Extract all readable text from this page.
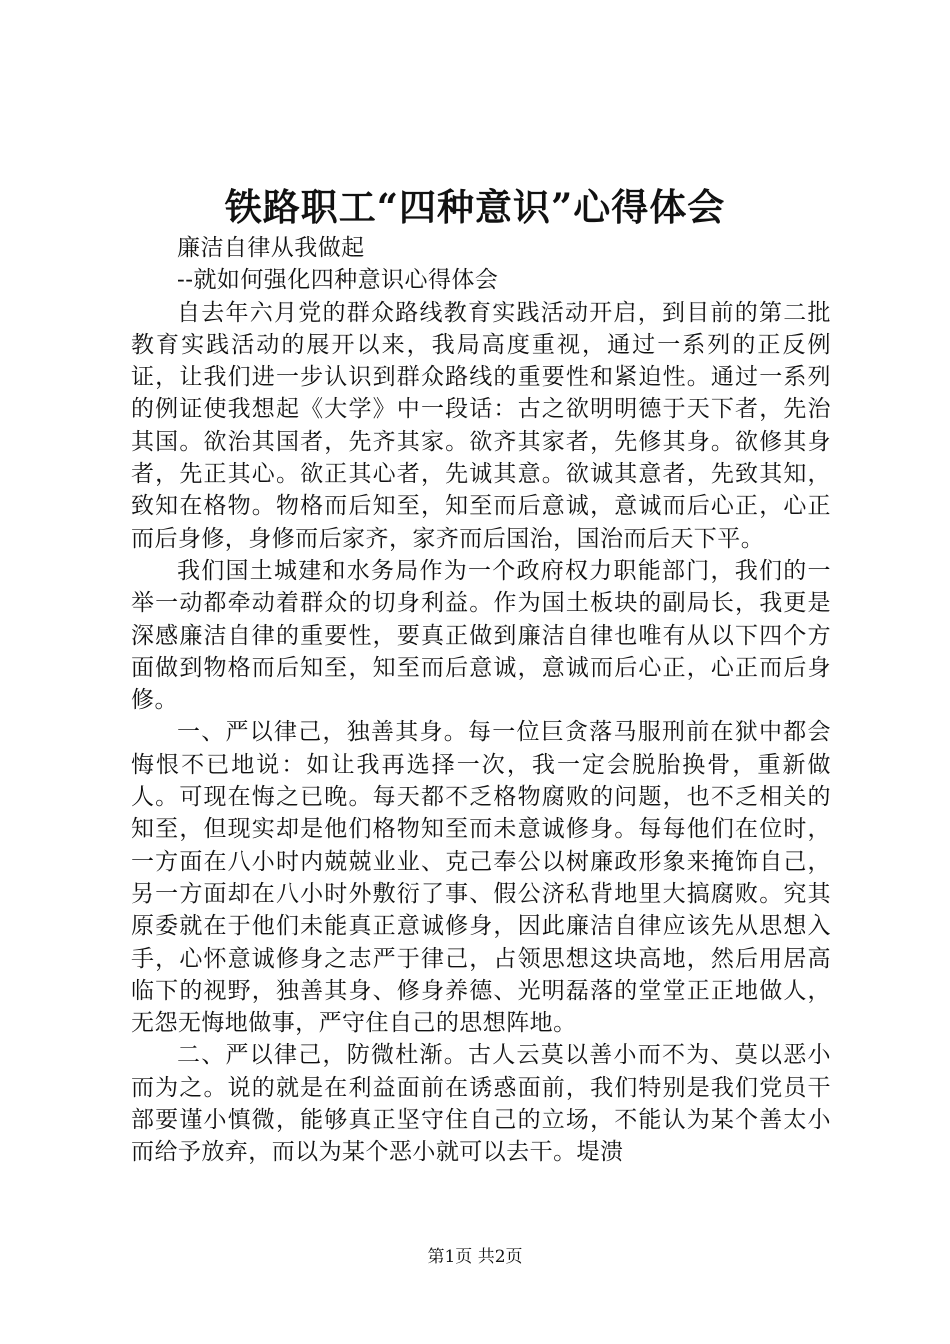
铁路职工“四种意识”心得体会

廉洁自律从我做起

--就如何强化四种意识心得体会

自去年六月党的群众路线教育实践活动开启，到目前的第二批教育实践活动的展开以来，我局高度重视，通过一系列的正反例证，让我们进一步认识到群众路线的重要性和紧迫性。通过一系列的例证使我想起《大学》中一段话：古之欲明明德于天下者，先治其国。欲治其国者，先齐其家。欲齐其家者，先修其身。欲修其身者，先正其心。欲正其心者，先诚其意。欲诚其意者，先致其知，致知在格物。物格而后知至，知至而后意诚，意诚而后心正，心正而后身修，身修而后家齐，家齐而后国治，国治而后天下平。

我们国土城建和水务局作为一个政府权力职能部门，我们的一举一动都牵动着群众的切身利益。作为国土板块的副局长，我更是深感廉洁自律的重要性，要真正做到廉洁自律也唯有从以下四个方面做到物格而后知至，知至而后意诚，意诚而后心正，心正而后身修。

一、严以律己，独善其身。每一位巨贪落马服刑前在狱中都会悔恨不已地说：如让我再选择一次，我一定会脱胎换骨，重新做人。可现在悔之已晚。每天都不乏格物腐败的问题，也不乏相关的知至，但现实却是他们格物知至而未意诚修身。每每他们在位时，一方面在八小时内兢兢业业、克己奉公以树廉政形象来掩饰自己，另一方面却在八小时外敷衍了事、假公济私背地里大搞腐败。究其原委就在于他们未能真正意诚修身，因此廉洁自律应该先从思想入手，心怀意诚修身之志严于律己，占领思想这块高地，然后用居高临下的视野，独善其身、修身养德、光明磊落的堂堂正正地做人，无怨无悔地做事，严守住自己的思想阵地。

二、严以律己，防微杜渐。古人云莫以善小而不为、莫以恶小而为之。说的就是在利益面前在诱惑面前，我们特别是我们党员干部要谨小慎微，能够真正坚守住自己的立场，不能认为某个善太小而给予放弃，而以为某个恶小就可以去干。堤溃

第1页 共2页
